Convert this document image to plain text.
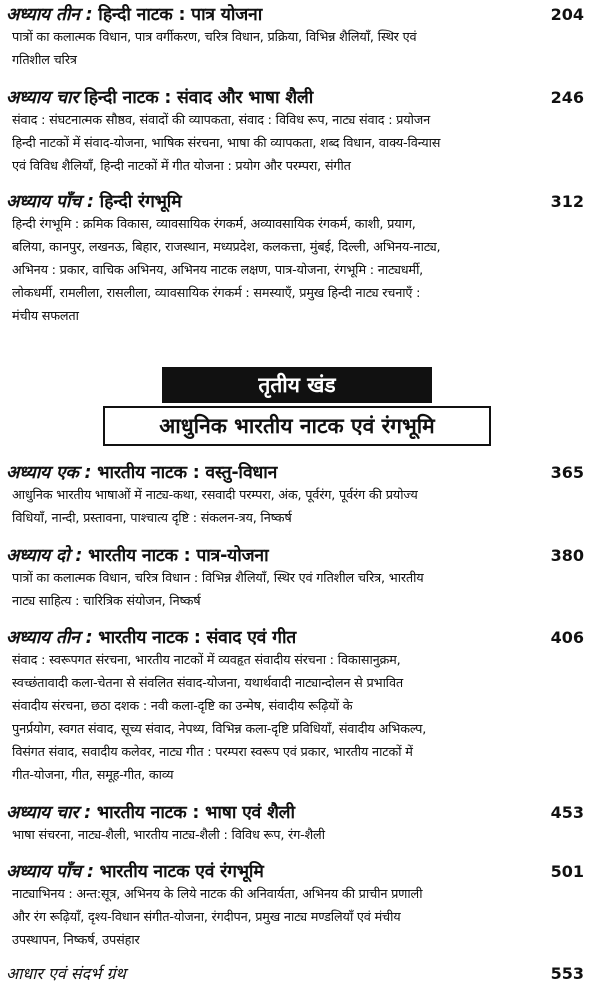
अध्याय तीन : हिन्दी नाटक : पात्र योजना	204
पात्रों का कलात्मक विधान, पात्र वर्गीकरण, चरित्र विधान, प्रक्रिया, विभिन्न शैलियाँ, स्थिर एवं
गतिशील चरित्र
अध्याय चार हिन्दी नाटक : संवाद और भाषा शैली	246
संवाद : संघटनात्मक सौष्ठव, संवादों की व्यापकता, संवाद : विविध रूप, नाट्य संवाद : प्रयोजन
हिन्दी नाटकों में संवाद-योजना, भाषिक संरचना, भाषा की व्यापकता, शब्द विधान, वाक्य-विन्यास
एवं विविध शैलियाँ, हिन्दी नाटकों में गीत योजना : प्रयोग और परम्परा, संगीत
अध्याय पाँच : हिन्दी रंगभूमि	312
हिन्दी रंगभूमि : क्रमिक विकास, व्यावसायिक रंगकर्म, अव्यावसायिक रंगकर्म, काशी, प्रयाग,
बलिया, कानपुर, लखनऊ, बिहार, राजस्थान, मध्यप्रदेश, कलकत्ता, मुंबई, दिल्ली, अभिनय-नाट्य,
अभिनय : प्रकार, वाचिक अभिनय, अभिनय नाटक लक्षण, पात्र-योजना, रंगभूमि : नाट्यधर्मी,
लोकधर्मी, रामलीला, रासलीला, व्यावसायिक रंगकर्म : समस्याएँ, प्रमुख हिन्दी नाट्य रचनाएँ :
मंचीय सफलता
तृतीय खंड
आधुनिक भारतीय नाटक एवं रंगभूमि
अध्याय एक : भारतीय नाटक : वस्तु-विधान	365
आधुनिक भारतीय भाषाओं में नाट्य-कथा, रसवादी परम्परा, अंक, पूर्वरंग, पूर्वरंग की प्रयोज्य
विधियाँ, नान्दी, प्रस्तावना, पाश्चात्य दृष्टि : संकलन-त्रय, निष्कर्ष
अध्याय दो : भारतीय नाटक : पात्र-योजना	380
पात्रों का कलात्मक विधान, चरित्र विधान : विभिन्न शैलियाँ, स्थिर एवं गतिशील चरित्र, भारतीय
नाट्य साहित्य : चारित्रिक संयोजन, निष्कर्ष
अध्याय तीन : भारतीय नाटक : संवाद एवं गीत	406
संवाद : स्वरूपगत संरचना, भारतीय नाटकों में व्यवहृत संवादीय संरचना : विकासानुक्रम,
स्वच्छंतावादी कला-चेतना से संवलित संवाद-योजना, यथार्थवादी नाट्यान्दोलन से प्रभावित
संवादीय संरचना, छठा दशक : नवी कला-दृष्टि का उन्मेष, संवादीय रूढ़ियों के
पुनर्प्रयोग, स्वगत संवाद, सूच्य संवाद, नेपथ्य, विभिन्न कला-दृष्टि प्रविधियाँ, संवादीय अभिकल्प,
विसंगत संवाद, सवादीय कलेवर, नाट्य गीत : परम्परा स्वरूप एवं प्रकार, भारतीय नाटकों में
गीत-योजना, गीत, समूह-गीत, काव्य
अध्याय चार : भारतीय नाटक : भाषा एवं शैली	453
भाषा संचरना, नाट्य-शैली, भारतीय नाट्य-शैली : विविध रूप, रंग-शैली
अध्याय पाँच : भारतीय नाटक एवं रंगभूमि	501
नाट्याभिनय : अन्त:सूत्र, अभिनय के लिये नाटक की अनिवार्यता, अभिनय की प्राचीन प्रणाली
और रंग रूढ़ियाँ, दृश्य-विधान संगीत-योजना, रंगदीपन, प्रमुख नाट्य मण्डलियाँ एवं मंचीय
उपस्थापन, निष्कर्ष, उपसंहार
आधार एवं संदर्भ ग्रंथ	553
